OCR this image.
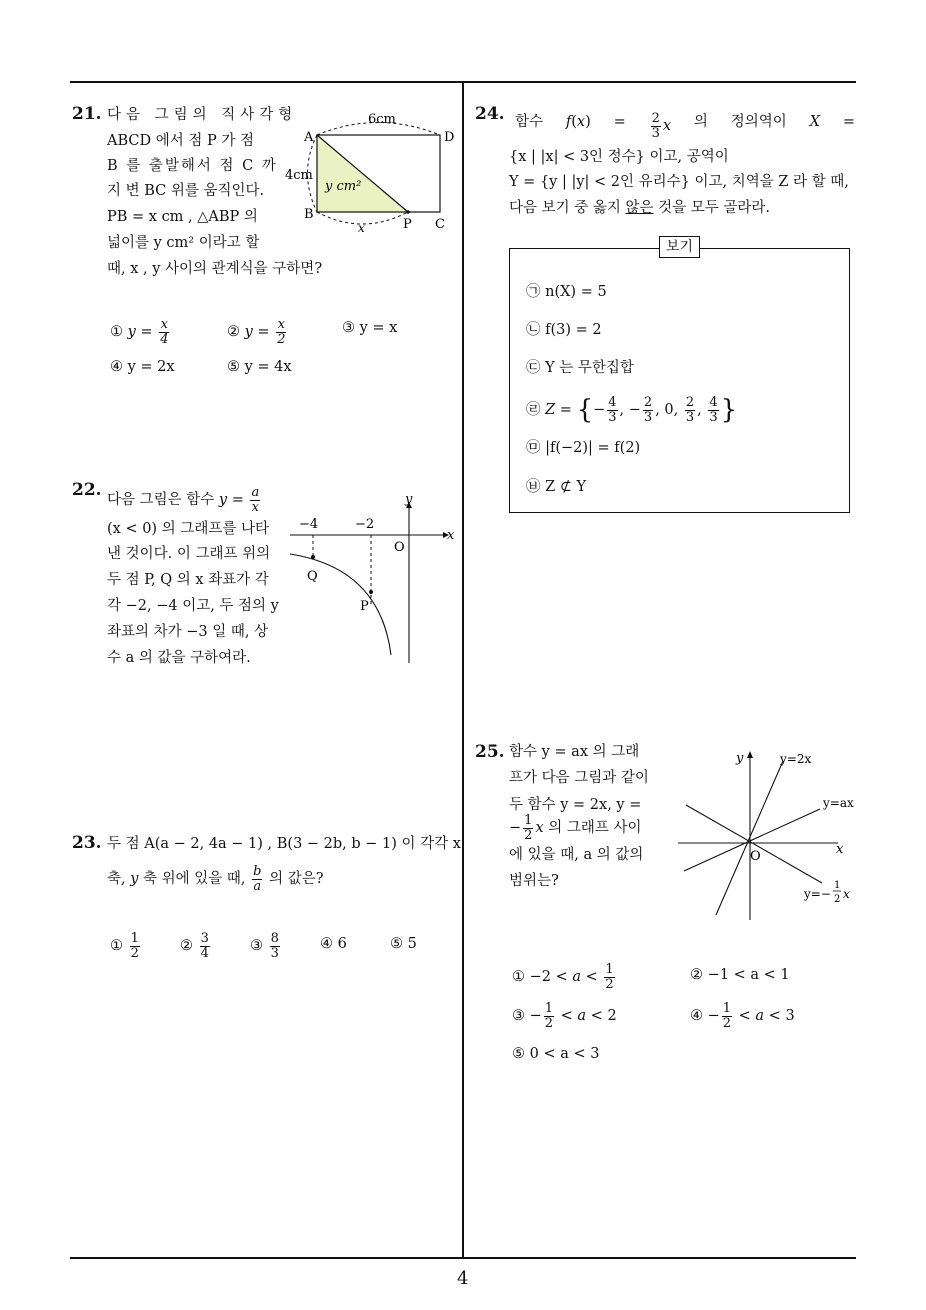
4
21. 다음 그림의 직사각형
ABCD 에서 점 P 가 점
B 를 출발해서 점 C 까
지 변 BC 위를 움직인다.
PB = x cm , △ABP 의
넓이를 y cm² 이라고 할
때, x , y 사이의 관계식을 구하면?
6cm
4cm
y cm²
x
A
B
C
D
P
① $y = \frac{x}{4}$	② $y = \frac{x}{2}$	③ y = x
④ y = 2x	⑤ y = 4x
22.
다음 그림은 함수 $y = \frac{a}{x}$
(x < 0) 의 그래프를 나타
낸 것이다. 이 그래프 위의
두 점 P, Q 의 x 좌표가 각
각 −2, −4 이고, 두 점의 y
좌표의 차가 −3 일 때, 상
수 a 의 값을 구하여라.
y
x
O
−4	−2
Q
P
23. 두 점 A(a − 2, 4a − 1) , B(3 − 2b, b − 1) 이 각각 x
축, y 축 위에 있을 때, $\frac{b}{a}$ 의 값은?
① $\frac{1}{2}$	② $\frac{3}{4}$	③ $\frac{8}{3}$	④ 6	⑤ 5
24. 함수 $f(x) = \frac{2}{3}$ x 의 정의역이 X =
{x | |x| < 3인 정수} 이고, 공역이
Y = {y | |y| < 2인 유리수} 이고, 치역을 Z 라 할 때,
다음 보기 중 옳지 않은 것을 모두 골라라.
보기
㉠ n(X) = 5
㉡ f(3) = 2
㉢ Y 는 무한집합
㉣ Z = {− $\frac{4}{3}$ , − $\frac{2}{3}$ , 0, $\frac{2}{3}$ , $\frac{4}{3}$ }
㉤ |f(−2)| = f(2)
㉥ Z ⊄ Y
25. 함수 y = ax 의 그래
프가 다음 그림과 같이
두 함수 y = 2x, y =
− $\frac{1}{2}$ x 의 그래프 사이
에 있을 때, a 의 값의
범위는?
y
x
O
y=2x
y=ax
y=−
1
2 x
① $-2 < a < \frac{1}{2}$	② −1 < a < 1
③ − $\frac{1}{2} < a < 2$	④ − $\frac{1}{2} < a < 3$
⑤ 0 < a < 3
